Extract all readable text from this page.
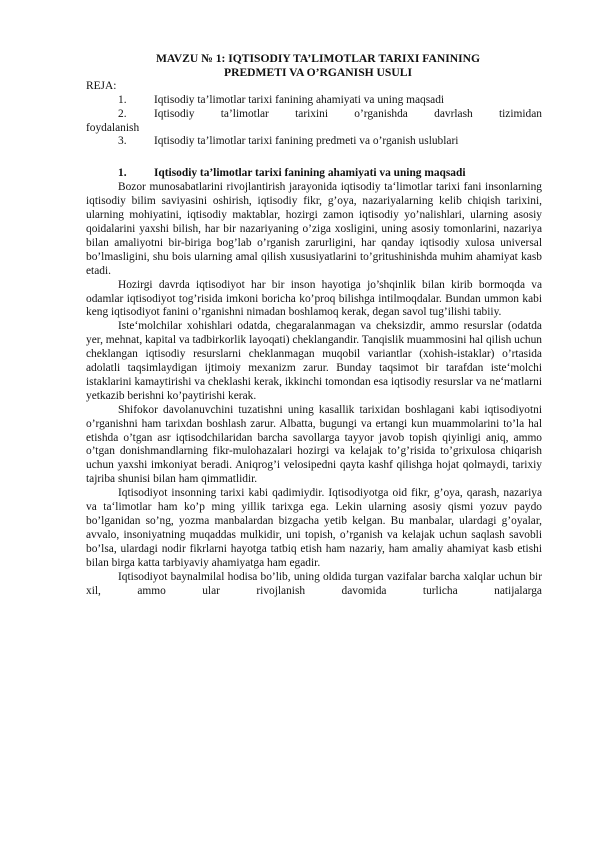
MAVZU № 1: IQTISODIY TA’LIMOTLAR TARIXI FANINING

PREDMETI VA O’RGANISH USULI

REJA:

1.	Iqtisodiy ta’limotlar tarixi fanining ahamiyati va uning maqsadi
2.	Iqtisodiy ta’limotlar tarixini o’rganishda davrlash tizimidan

foydalanish

3.	Iqtisodiy ta’limotlar tarixi fanining predmeti va o’rganish uslublari
1.	Iqtisodiy ta’limotlar tarixi fanining ahamiyati va uning maqsadi

Bozor munosabatlarini rivojlantirish jarayonida iqtisodiy ta‘limotlar tarixi fani insonlarning iqtisodiy bilim saviyasini oshirish, iqtisodiy fikr, g’oya, nazariyalarning kelib chiqish tarixini, ularning mohiyatini, iqtisodiy maktablar, hozirgi zamon iqtisodiy yo’nalishlari, ularning asosiy qoidalarini yaxshi bilish, har bir nazariyaning o’ziga xosligini, uning asosiy tomonlarini, nazariya bilan amaliyotni bir-biriga bog’lab o’rganish zarurligini, har qanday iqtisodiy xulosa universal bo’lmasligini, shu bois ularning amal qilish xususiyatlarini to’gritushinishda muhim ahamiyat kasb etadi.

Hozirgi davrda iqtisodiyot har bir inson hayotiga jo’shqinlik bilan kirib bormoqda va odamlar iqtisodiyot tog’risida imkoni boricha ko’proq bilishga intilmoqdalar. Bundan ummon kabi keng iqtisodiyot fanini o’rganishni nimadan boshlamoq kerak, degan savol tug’ilishi tabiiy.

Iste‘molchilar xohishlari odatda, chegaralanmagan va cheksizdir, ammo resurslar (odatda yer, mehnat, kapital va tadbirkorlik layoqati) cheklangandir. Tanqislik muammosini hal qilish uchun cheklangan iqtisodiy resurslarni cheklanmagan muqobil variantlar (xohish-istaklar) o’rtasida adolatli taqsimlaydigan ijtimoiy mexanizm zarur. Bunday taqsimot bir tarafdan iste‘molchi istaklarini kamaytirishi va cheklashi kerak, ikkinchi tomondan esa iqtisodiy resurslar va ne‘matlarni yetkazib berishni ko’paytirishi kerak.

Shifokor davolanuvchini tuzatishni uning kasallik tarixidan boshlagani kabi iqtisodiyotni o’rganishni ham tarixdan boshlash zarur. Albatta, bugungi va ertangi kun muammolarini to’la hal etishda o’tgan asr iqtisodchilaridan barcha savollarga tayyor javob topish qiyinligi aniq, ammo o’tgan donishmandlarning fikr-mulohazalari hozirgi va kelajak to’g’risida to’grixulosa chiqarish uchun yaxshi imkoniyat beradi. Aniqrog’i velosipedni qayta kashf qilishga hojat qolmaydi, tarixiy tajriba shunisi bilan ham qimmatlidir.

Iqtisodiyot insonning tarixi kabi qadimiydir. Iqtisodiyotga oid fikr, g’oya, qarash, nazariya va ta‘limotlar ham ko’p ming yillik tarixga ega. Lekin ularning asosiy qismi yozuv paydo bo’lganidan so’ng, yozma manbalardan bizgacha yetib kelgan. Bu manbalar, ulardagi g’oyalar, avvalo, insoniyatning muqaddas mulkidir, uni topish, o’rganish va kelajak uchun saqlash savobli bo’lsa, ulardagi nodir fikrlarni hayotga tatbiq etish ham nazariy, ham amaliy ahamiyat kasb etishi bilan birga katta tarbiyaviy ahamiyatga ham egadir.

Iqtisodiyot baynalmilal hodisa bo’lib, uning oldida turgan vazifalar barcha xalqlar uchun bir xil, ammo ular rivojlanish davomida turlicha natijalarga
